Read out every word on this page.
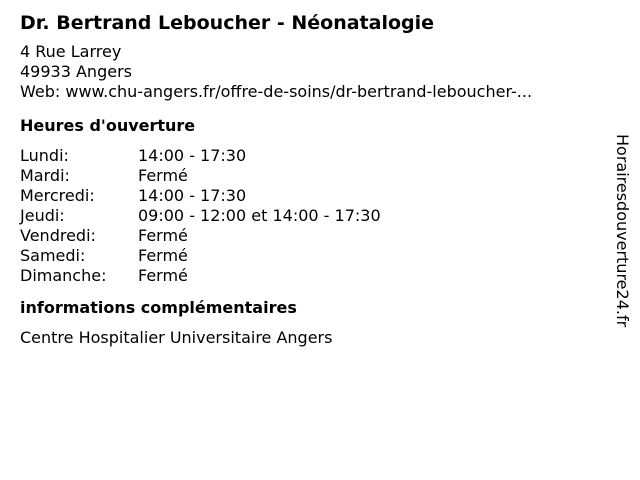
Dr. Bertrand Leboucher - Néonatalogie
4 Rue Larrey
49933 Angers
Web: www.chu-angers.fr/offre-de-soins/dr-bertrand-leboucher-...
Heures d'ouverture
Lundi:	14:00 - 17:30
Mardi:	Fermé
Mercredi:	14:00 - 17:30
Jeudi:	09:00 - 12:00 et 14:00 - 17:30
Vendredi:	Fermé
Samedi:	Fermé
Dimanche:	Fermé
informations complémentaires
Centre Hospitalier Universitaire Angers
Horairesdouverture24.fr
